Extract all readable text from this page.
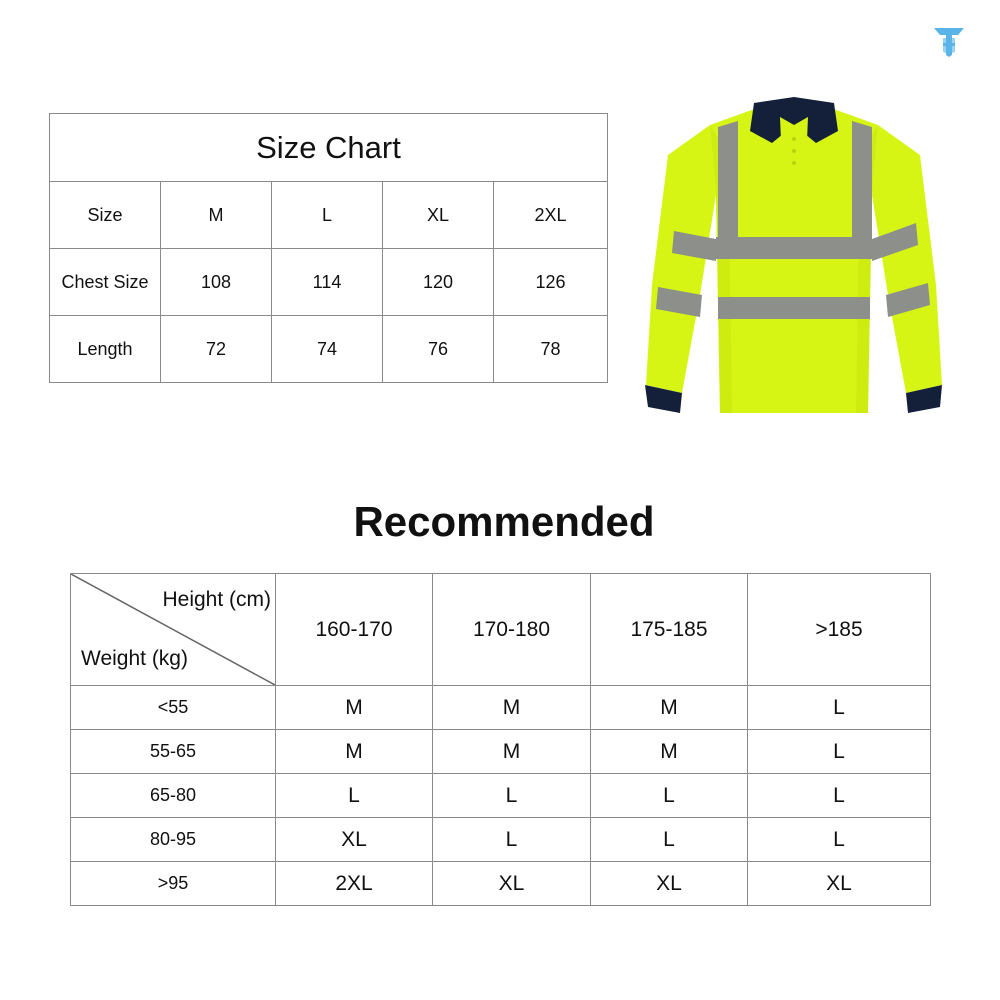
Size Chart				
Size	M	L	XL	2XL
Chest Size	108	114	120	126
Length	72	74	76	78
Recommended
Height (cm)
Weight (kg)	160-170	170-180	175-185	>185
<55	M	M	M	L
55-65	M	M	M	L
65-80	L	L	L	L
80-95	XL	L	L	L
>95	2XL	XL	XL	XL
